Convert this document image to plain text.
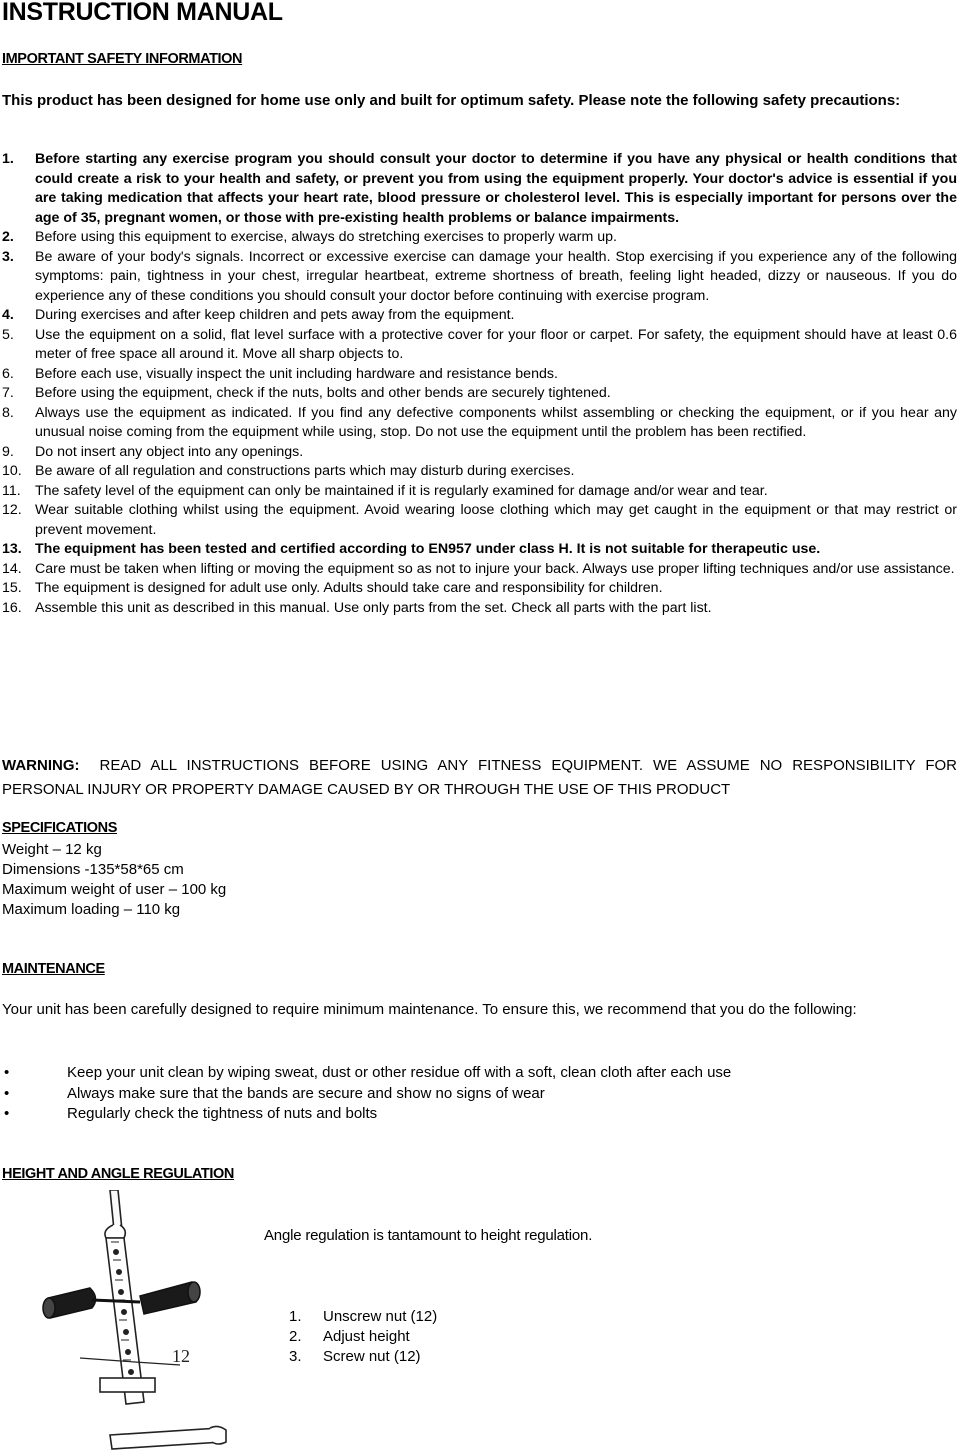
INSTRUCTION MANUAL
IMPORTANT SAFETY INFORMATION
This product has been designed for home use only and built for optimum safety. Please note the following safety precautions:
1. Before starting any exercise program you should consult your doctor to determine if you have any physical or health conditions that could create a risk to your health and safety, or prevent you from using the equipment properly. Your doctor's advice is essential if you are taking medication that affects your heart rate, blood pressure or cholesterol level. This is especially important for persons over the age of 35, pregnant women, or those with pre-existing health problems or balance impairments.
2. Before using this equipment to exercise, always do stretching exercises to properly warm up.
3. Be aware of your body's signals. Incorrect or excessive exercise can damage your health. Stop exercising if you experience any of the following symptoms: pain, tightness in your chest, irregular heartbeat, extreme shortness of breath, feeling light headed, dizzy or nauseous. If you do experience any of these conditions you should consult your doctor before continuing with exercise program.
4. During exercises and after keep children and pets away from the equipment.
5. Use the equipment on a solid, flat level surface with a protective cover for your floor or carpet. For safety, the equipment should have at least 0.6 meter of free space all around it. Move all sharp objects to.
6. Before each use, visually inspect the unit including hardware and resistance bends.
7. Before using the equipment, check if the nuts, bolts and other bends are securely tightened.
8. Always use the equipment as indicated. If you find any defective components whilst assembling or checking the equipment, or if you hear any unusual noise coming from the equipment while using, stop. Do not use the equipment until the problem has been rectified.
9. Do not insert any object into any openings.
10. Be aware of all regulation and constructions parts which may disturb during exercises.
11. The safety level of the equipment can only be maintained if it is regularly examined for damage and/or wear and tear.
12. Wear suitable clothing whilst using the equipment. Avoid wearing loose clothing which may get caught in the equipment or that may restrict or prevent movement.
13. The equipment has been tested and certified according to EN957 under class H. It is not suitable for therapeutic use.
14. Care must be taken when lifting or moving the equipment so as not to injure your back. Always use proper lifting techniques and/or use assistance.
15. The equipment is designed for adult use only. Adults should take care and responsibility for children.
16. Assemble this unit as described in this manual. Use only parts from the set. Check all parts with the part list.
WARNING: READ ALL INSTRUCTIONS BEFORE USING ANY FITNESS EQUIPMENT. WE ASSUME NO RESPONSIBILITY FOR PERSONAL INJURY OR PROPERTY DAMAGE CAUSED BY OR THROUGH THE USE OF THIS PRODUCT
SPECIFICATIONS
Weight – 12 kg
Dimensions -135*58*65 cm
Maximum weight of user – 100 kg
Maximum loading – 110 kg
MAINTENANCE
Your unit has been carefully designed to require minimum maintenance. To ensure this, we recommend that you do the following:
•	Keep your unit clean by wiping sweat, dust or other residue off with a soft, clean cloth after each use
•	Always make sure that the bands are secure and show no signs of wear
•	Regularly check the tightness of nuts and bolts
HEIGHT AND ANGLE REGULATION
12
Angle regulation is tantamount to height regulation.
1. Unscrew nut (12)
2. Adjust height
3. Screw nut (12)
